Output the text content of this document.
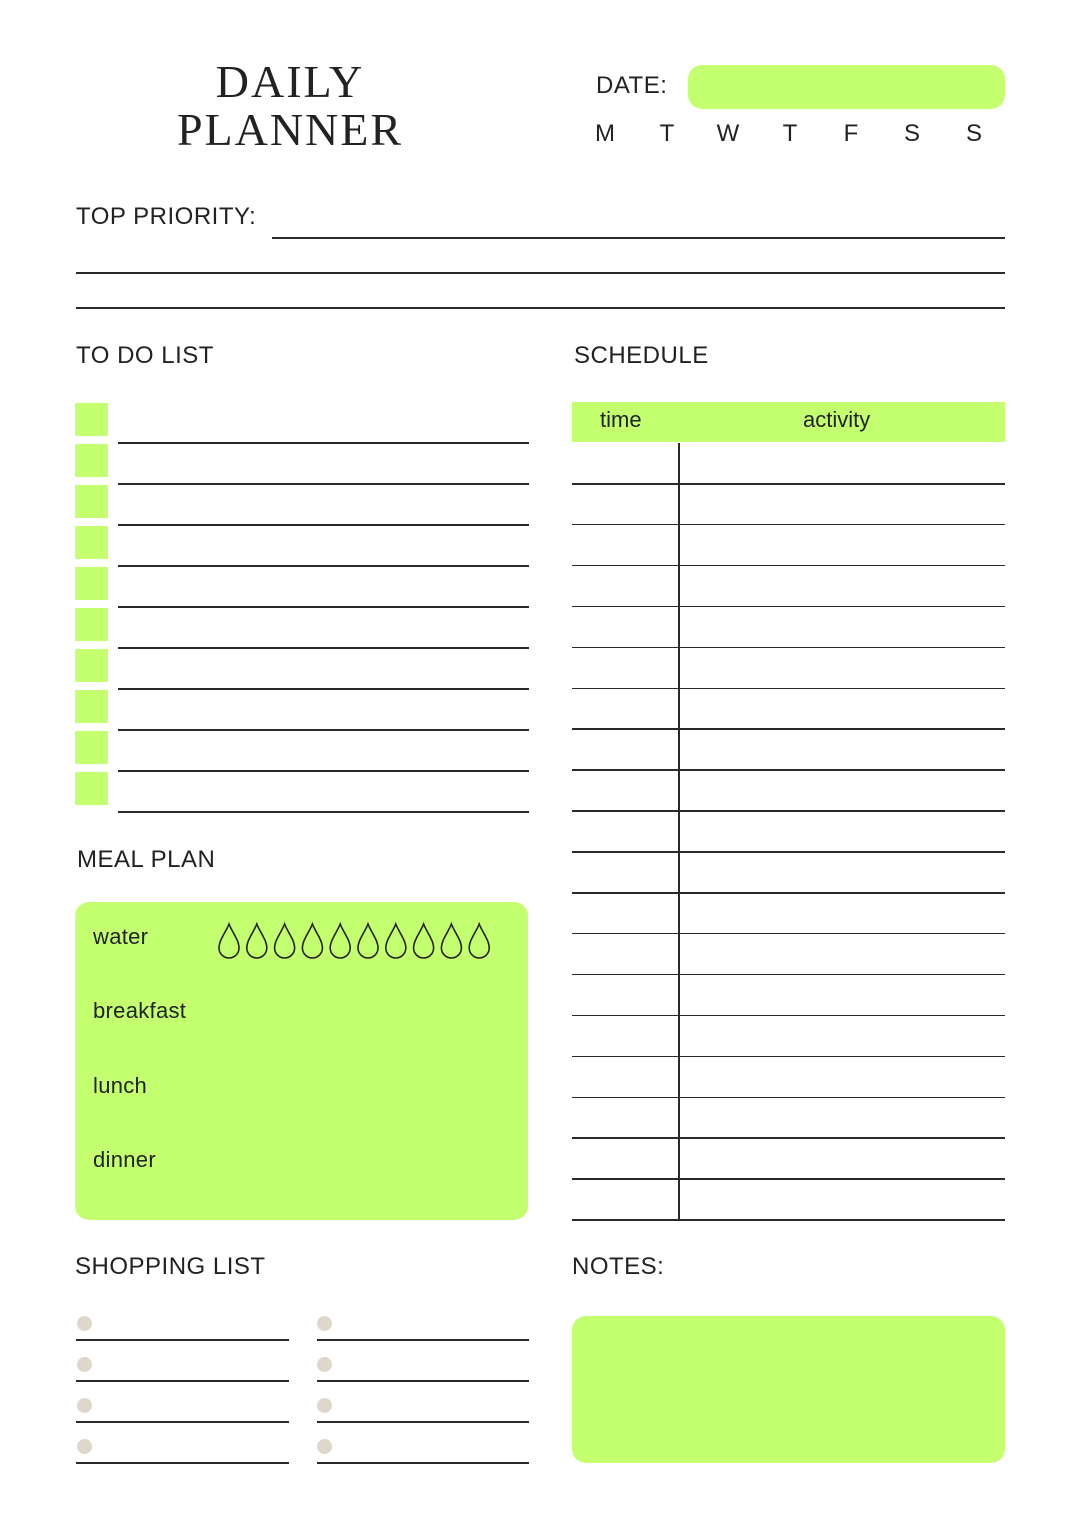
DAILY
PLANNER
DATE:
M	T	W	T	F	S S
TOP PRIORITY:
TO DO LIST	SCHEDULE
time	activity
MEAL PLAN
water
breakfast
lunch
dinner
SHOPPING LIST	NOTES:
